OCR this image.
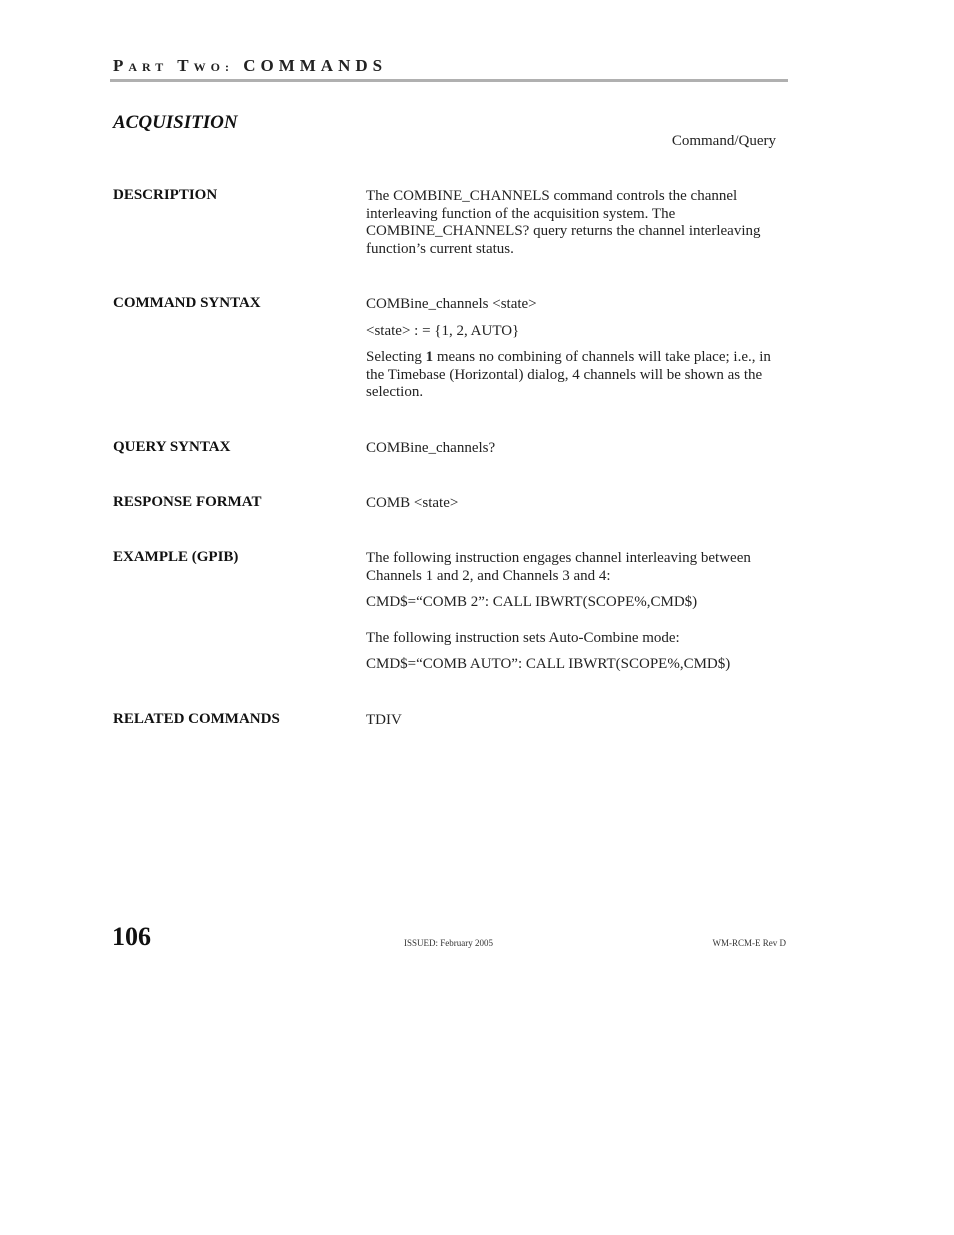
PART TWO: COMMANDS
ACQUISITION
Command/Query
DESCRIPTION	The COMBINE_CHANNELS command controls the channel interleaving function of the acquisition system. The COMBINE_CHANNELS? query returns the channel interleaving function’s current status.

COMMAND SYNTAX	COMBine_channels <state>

<state> : = {1, 2, AUTO}

Selecting 1 means no combining of channels will take place; i.e., in the Timebase (Horizontal) dialog, 4 channels will be shown as the selection.

QUERY SYNTAX	COMBine_channels?

RESPONSE FORMAT	COMB <state>

EXAMPLE (GPIB)	The following instruction engages channel interleaving between Channels 1 and 2, and Channels 3 and 4:

CMD$=“COMB 2”: CALL IBWRT(SCOPE%,CMD$)

The following instruction sets Auto-Combine mode:

CMD$=“COMB AUTO”: CALL IBWRT(SCOPE%,CMD$)

RELATED COMMANDS	TDIV

106	ISSUED: February 2005	WM-RCM-E Rev D
